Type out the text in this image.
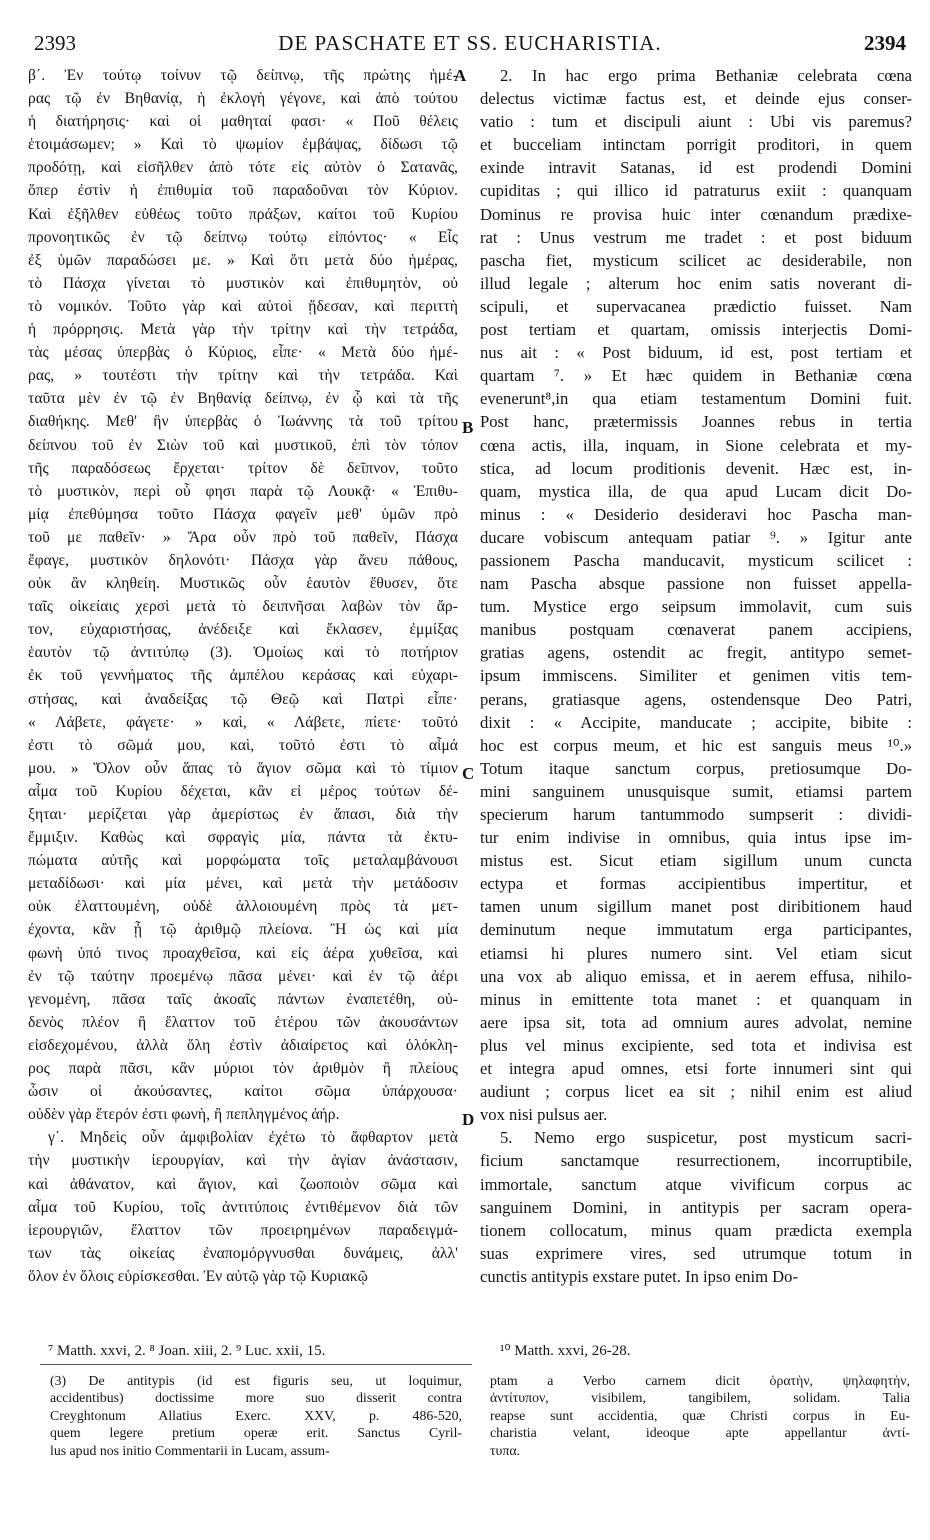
2393	DE PASCHATE ET SS. EUCHARISTIA.	2394
β΄. Ἐν τούτῳ τοίνυν τῷ δείπνῳ, τῆς πρώτης ἡμέ-
ρας τῷ ἐν Βηθανίᾳ, ἡ ἐκλογὴ γέγονε, καὶ ἀπὸ τούτου
ἡ διατήρησις· καὶ οἱ μαθηταί φασι· « Ποῦ θέλεις
ἑτοιμάσωμεν; » Καὶ τὸ ψωμίον ἐμβάψας, δίδωσι τῷ
προδότῃ, καὶ εἰσῆλθεν ἀπὸ τότε εἰς αὐτὸν ὁ Σατανᾶς,
ὅπερ ἐστὶν ἡ ἐπιθυμία τοῦ παραδοῦναι τὸν Κύριον.
Καὶ ἐξῆλθεν εὐθέως τοῦτο πράξων, καίτοι τοῦ Κυρίου
προνοητικῶς ἐν τῷ δείπνῳ τούτῳ εἰπόντος· « Εἷς
ἐξ ὑμῶν παραδώσει με. » Καὶ ὅτι μετὰ δύο ἡμέρας,
τὸ Πάσχα γίνεται τὸ μυστικὸν καὶ ἐπιθυμητὸν, οὐ
τὸ νομικόν. Τοῦτο γὰρ καὶ αὐτοὶ ᾔδεσαν, καὶ περιττὴ
ἡ πρόρρησις. Μετὰ γὰρ τὴν τρίτην καὶ τὴν τετράδα,
τὰς μέσας ὑπερβὰς ὁ Κύριος, εἶπε· « Μετὰ δύο ἡμέ-
ρας, » τουτέστι τὴν τρίτην καὶ τὴν τετράδα. Καὶ
ταῦτα μὲν ἐν τῷ ἐν Βηθανίᾳ δείπνῳ, ἐν ᾧ καὶ τὰ τῆς
διαθήκης. Μεθ' ἣν ὑπερβὰς ὁ Ἰωάννης τὰ τοῦ τρίτου
δείπνου τοῦ ἐν Σιὼν τοῦ καὶ μυστικοῦ, ἐπὶ τὸν τόπον
τῆς παραδόσεως ἔρχεται· τρίτον δὲ δεῖπνον, τοῦτο
τὸ μυστικὸν, περὶ οὗ φησι παρὰ τῷ Λουκᾷ· « Ἐπιθυ-
μίᾳ ἐπεθύμησα τοῦτο Πάσχα φαγεῖν μεθ' ὑμῶν πρὸ
τοῦ με παθεῖν· » Ἄρα οὖν πρὸ τοῦ παθεῖν, Πάσχα
ἔφαγε, μυστικὸν δηλονότι· Πάσχα γὰρ ἄνευ πάθους,
οὐκ ἂν κληθείη. Μυστικῶς οὖν ἑαυτὸν ἔθυσεν, ὅτε
ταῖς οἰκείαις χερσὶ μετὰ τὸ δειπνῆσαι λαβὼν τὸν ἄρ-
τον, εὐχαριστήσας, ἀνέδειξε καὶ ἔκλασεν, ἐμμίξας
ἑαυτὸν τῷ ἀντιτύπῳ (3). Ὁμοίως καὶ τὸ ποτήριον
ἐκ τοῦ γεννήματος τῆς ἀμπέλου κεράσας καὶ εὐχαρι-
στήσας, καὶ ἀναδείξας τῷ Θεῷ καὶ Πατρὶ εἶπε·
« Λάβετε, φάγετε· » καὶ, « Λάβετε, πίετε· τοῦτό
ἐστι τὸ σῶμά μου, καὶ, τοῦτό ἐστι τὸ αἷμά
μου. » Ὅλον οὖν ἅπας τὸ ἅγιον σῶμα καὶ τὸ τίμιον
αἷμα τοῦ Κυρίου δέχεται, κἂν εἰ μέρος τούτων δέ-
ξηται· μερίζεται γὰρ ἀμερίστως ἐν ἅπασι, διὰ τὴν
ἔμμιξιν. Καθὼς καὶ σφραγὶς μία, πάντα τὰ ἐκτυ-
πώματα αὐτῆς καὶ μορφώματα τοῖς μεταλαμβάνουσι
μεταδίδωσι· καὶ μία μένει, καὶ μετὰ τὴν μετάδοσιν
οὐκ ἐλαττουμένη, οὐδὲ ἀλλοιουμένη πρὸς τὰ μετ-
έχοντα, κἂν ᾖ τῷ ἀριθμῷ πλείονα. Ἢ ὡς καὶ μία
φωνὴ ὑπό τινος προαχθεῖσα, καὶ εἰς ἀέρα χυθεῖσα, καὶ
ἐν τῷ ταύτην προεμένῳ πᾶσα μένει· καὶ ἐν τῷ ἀέρι
γενομένη, πᾶσα ταῖς ἀκοαῖς πάντων ἐναπετέθη, οὐ-
δενὸς πλέον ἢ ἔλαττον τοῦ ἑτέρου τῶν ἀκουσάντων
εἰσδεχομένου, ἀλλὰ ὅλη ἐστὶν ἀδιαίρετος καὶ ὁλόκλη-
ρος παρὰ πᾶσι, κἂν μύριοι τὸν ἀριθμὸν ἢ πλείους
ὦσιν οἱ ἀκούσαντες, καίτοι σῶμα ὑπάρχουσα·
οὐδὲν γὰρ ἕτερόν ἐστι φωνὴ, ἢ πεπληγμένος ἀήρ.
γ΄. Μηδεὶς οὖν ἀμφιβολίαν ἐχέτω τὸ ἄφθαρτον μετὰ
τὴν μυστικὴν ἱερουργίαν, καὶ τὴν ἁγίαν ἀνάστασιν,
καὶ ἀθάνατον, καὶ ἅγιον, καὶ ζωοποιὸν σῶμα καὶ
αἷμα τοῦ Κυρίου, τοῖς ἀντιτύποις ἐντιθέμενον διὰ τῶν
ἱερουργιῶν, ἔλαττον τῶν προειρημένων παραδειγμά-
των τὰς οἰκείας ἐναπομόργνυσθαι δυνάμεις, ἀλλ'
ὅλον ἐν ὅλοις εὑρίσκεσθαι. Ἐν αὐτῷ γὰρ τῷ Κυριακῷ
2. In hac ergo prima Bethaniæ celebrata cœna
delectus victimæ factus est, et deinde ejus conser-
vatio : tum et discipuli aiunt : Ubi vis paremus?
et bucceliam intinctam porrigit proditori, in quem
exinde intravit Satanas, id est prodendi Domini
cupiditas ; qui illico id patraturus exiit : quanquam
Dominus re provisa huic inter cœnandum prædixe-
rat : Unus vestrum me tradet : et post biduum
pascha fiet, mysticum scilicet ac desiderabile, non
illud legale ; alterum hoc enim satis noverant di-
scipuli, et supervacanea prædictio fuisset. Nam
post tertiam et quartam, omissis interjectis Domi-
nus ait : « Post biduum, id est, post tertiam et
quartam ⁷. » Et hæc quidem in Bethaniæ cœna
evenerunt⁸,in qua etiam testamentum Domini fuit.
Post hanc, prætermissis Joannes rebus in tertia
cœna actis, illa, inquam, in Sione celebrata et my-
stica, ad locum proditionis devenit. Hæc est, in-
quam, mystica illa, de qua apud Lucam dicit Do-
minus : « Desiderio desideravi hoc Pascha man-
ducare vobiscum antequam patiar ⁹. » Igitur ante
passionem Pascha manducavit, mysticum scilicet :
nam Pascha absque passione non fuisset appella-
tum. Mystice ergo seipsum immolavit, cum suis
manibus postquam cœnaverat panem accipiens,
gratias agens, ostendit ac fregit, antitypo semet-
ipsum immiscens. Similiter et genimen vitis tem-
perans, gratiasque agens, ostendensque Deo Patri,
dixit : « Accipite, manducate ; accipite, bibite :
hoc est corpus meum, et hic est sanguis meus ¹⁰.»
Totum itaque sanctum corpus, pretiosumque Do-
mini sanguinem unusquisque sumit, etiamsi partem
specierum harum tantummodo sumpserit : dividi-
tur enim indivise in omnibus, quia intus ipse im-
mistus est. Sicut etiam sigillum unum cuncta
ectypa et formas accipientibus impertitur, et
tamen unum sigillum manet post diribitionem haud
deminutum neque immutatum erga participantes,
etiamsi hi plures numero sint. Vel etiam sicut
una vox ab aliquo emissa, et in aerem effusa, nihilo-
minus in emittente tota manet : et quanquam in
aere ipsa sit, tota ad omnium aures advolat, nemine
plus vel minus excipiente, sed tota et indivisa est
et integra apud omnes, etsi forte innumeri sint qui
audiunt ; corpus licet ea sit ; nihil enim est aliud
vox nisi pulsus aer.
5. Nemo ergo suspicetur, post mysticum sacri-
ficium sanctamque resurrectionem, incorruptibile,
immortale, sanctum atque vivificum corpus ac
sanguinem Domini, in antitypis per sacram opera-
tionem collocatum, minus quam prædicta exempla
suas exprimere vires, sed utrumque totum in
cunctis antitypis exstare putet. In ipso enim Do-
A
B
C
D
⁷ Matth. xxvi, 2. ⁸ Joan. xiii, 2. ⁹ Luc. xxii, 15.	¹⁰ Matth. xxvi, 26-28.
(3) De antitypis (id est figuris seu, ut loquimur,
accidentibus) doctissime more suo disserit contra
Creyghtonum Allatius Exerc. XXV, p. 486-520,
quem legere pretium operæ erit. Sanctus Cyril-
lus apud nos initio Commentarii in Lucam, assum-
ptam a Verbo carnem dicit ὁρατὴν, ψηλαφητὴν,
ἀντίτυπον, visibilem, tangibilem, solidam. Talia
reapse sunt accidentia, quæ Christi corpus in Eu-
charistia velant, ideoque apte appellantur ἀντί-
τυπα.
